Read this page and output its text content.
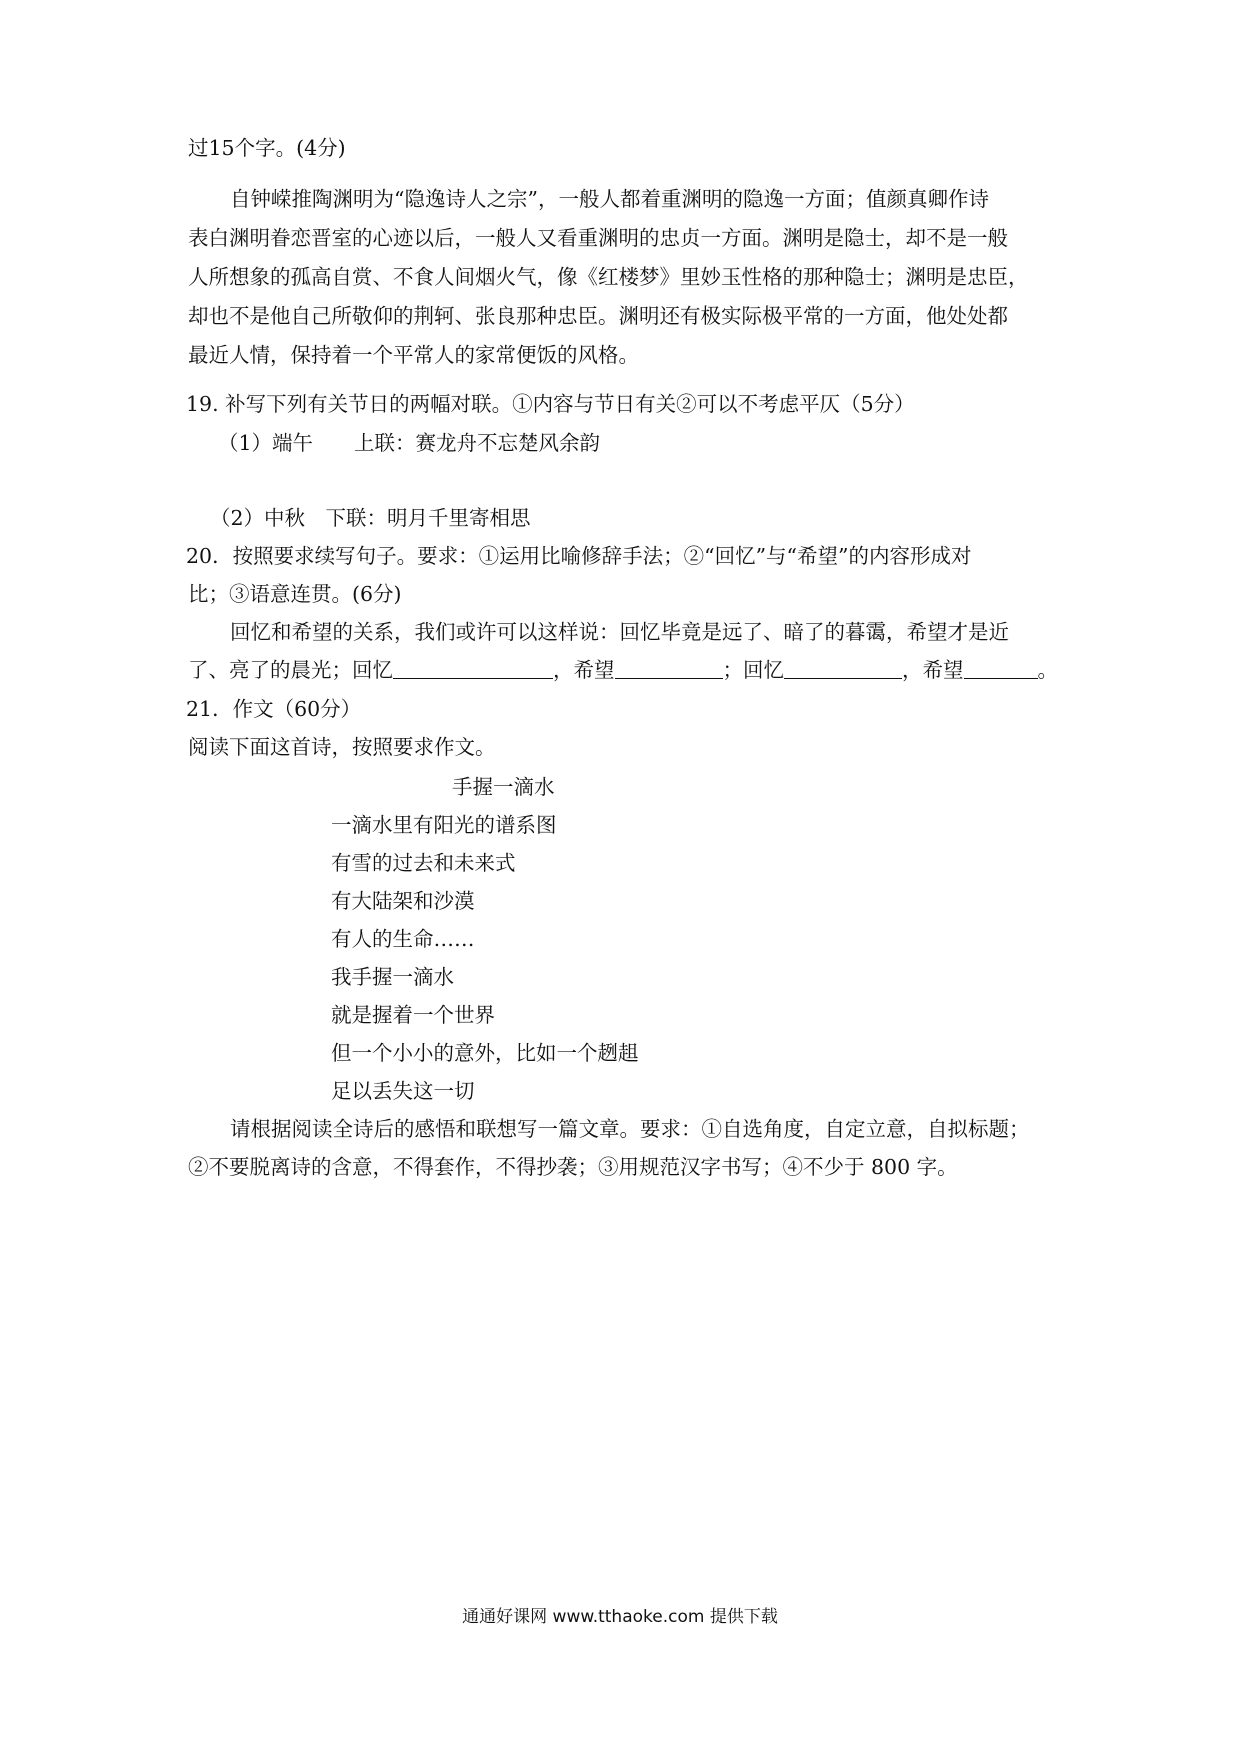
过15个字。(4分)

自钟嵘推陶渊明为“隐逸诗人之宗”，一般人都着重渊明的隐逸一方面；值颜真卿作诗

表白渊明眷恋晋室的心迹以后，一般人又看重渊明的忠贞一方面。渊明是隐士，却不是一般

人所想象的孤高自赏、不食人间烟火气，像《红楼梦》里妙玉性格的那种隐士；渊明是忠臣，

却也不是他自己所敬仰的荆轲、张良那种忠臣。渊明还有极实际极平常的一方面，他处处都

最近人情，保持着一个平常人的家常便饭的风格。

19. 补写下列有关节日的两幅对联。①内容与节日有关②可以不考虑平仄（5分）

（1）端午　　上联：赛龙舟不忘楚风余韵

（2）中秋　下联：明月千里寄相思

20．按照要求续写句子。要求：①运用比喻修辞手法；②“回忆”与“希望”的内容形成对

比；③语意连贯。(6分)

回忆和希望的关系，我们或许可以这样说：回忆毕竟是远了、暗了的暮霭，希望才是近

了、亮了的晨光；回忆	，希望	；回忆	，希望	。

21．作文（60分）

阅读下面这首诗，按照要求作文。

手握一滴水

一滴水里有阳光的谱系图

有雪的过去和未来式

有大陆架和沙漠

有人的生命……

我手握一滴水

就是握着一个世界

但一个小小的意外，比如一个趔趄

足以丢失这一切

请根据阅读全诗后的感悟和联想写一篇文章。要求：①自选角度，自定立意，自拟标题；

②不要脱离诗的含意，不得套作，不得抄袭；③用规范汉字书写；④不少于 800 字。

通通好课网 www.tthaoke.com 提供下载
